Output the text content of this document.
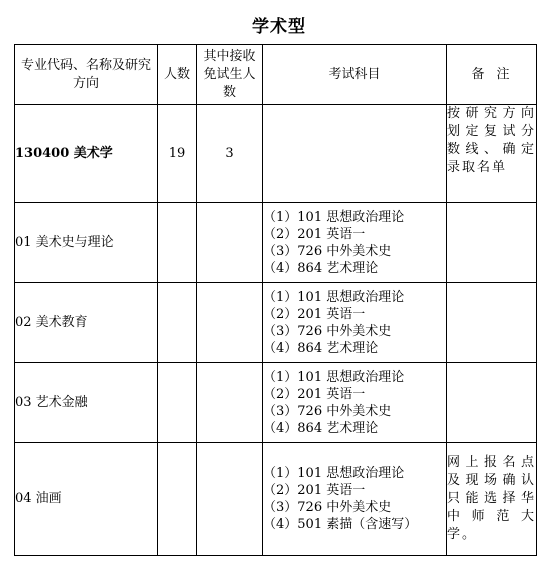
学术型
专业代码、名称及研究方向	人数	其中接收免试生人数	考试科目	备注
130400 美术学	19	3		按研究方向划定复试分数线、确定录取名单
01 美术史与理论			（1）101 思想政治理论
（2）201 英语一
（3）726 中外美术史
（4）864 艺术理论	

02 美术教育			（1）101 思想政治理论
（2）201 英语一
（3）726 中外美术史
（4）864 艺术理论	

03 艺术金融			（1）101 思想政治理论
（2）201 英语一
（3）726 中外美术史
（4）864 艺术理论	

04 油画			（1）101 思想政治理论
（2）201 英语一
（3）726 中外美术史
（4）501 素描（含速写）	网上报名点及现场确认只能选择华中师范大学。
